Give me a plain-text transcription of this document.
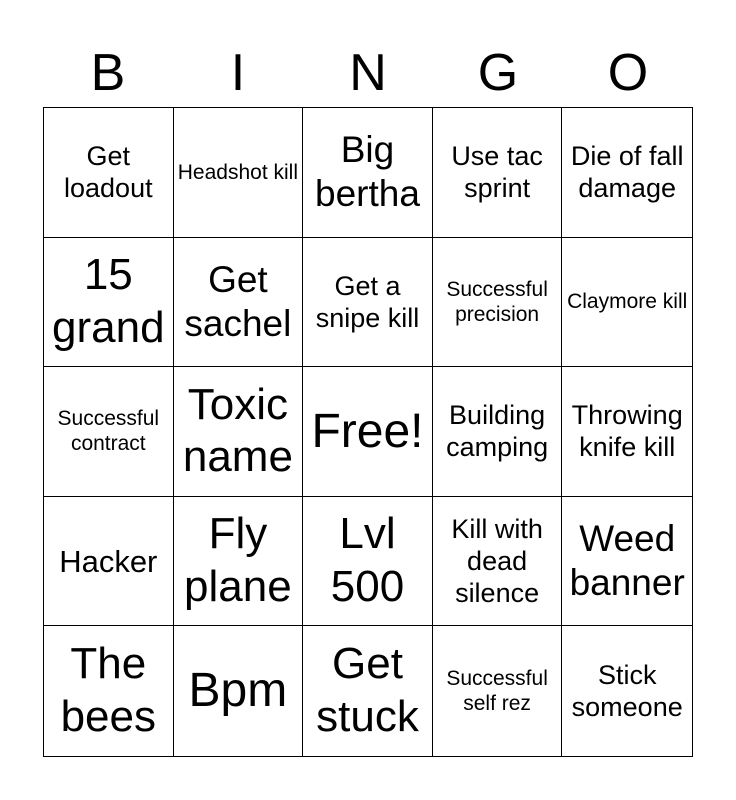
B	I	N	G	O
Get loadout
Headshot kill
Big bertha
Use tac sprint
Die of fall damage
15 grand
Get sachel
Get a snipe kill
Successful precision
Claymore kill
Successful contract
Toxic name Free! Building camping
Throwing knife kill
Hacker
Fly plane
Lvl 500
Kill with dead silence
Weed banner
The bees Bpm
Get stuck
Successful self rez
Stick someone
